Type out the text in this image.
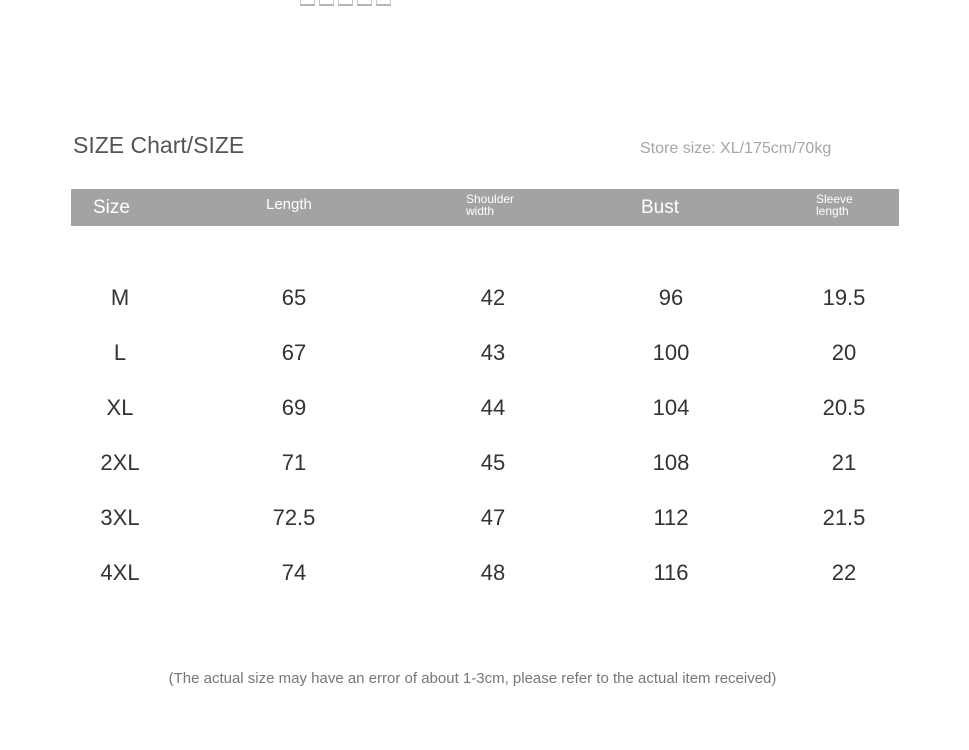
SIZE Chart/SIZE	Store size: XL/175cm/70kg
Size	Length	Shoulder width	Bust	Sleeve length
M	65	42	96	19.5
L	67	43	100	20
XL	69	44	104	20.5
2XL	71	45	108	21
3XL	72.5	47	112	21.5
4XL	74	48	116	22
(The actual size may have an error of about 1-3cm, please refer to the actual item received)
